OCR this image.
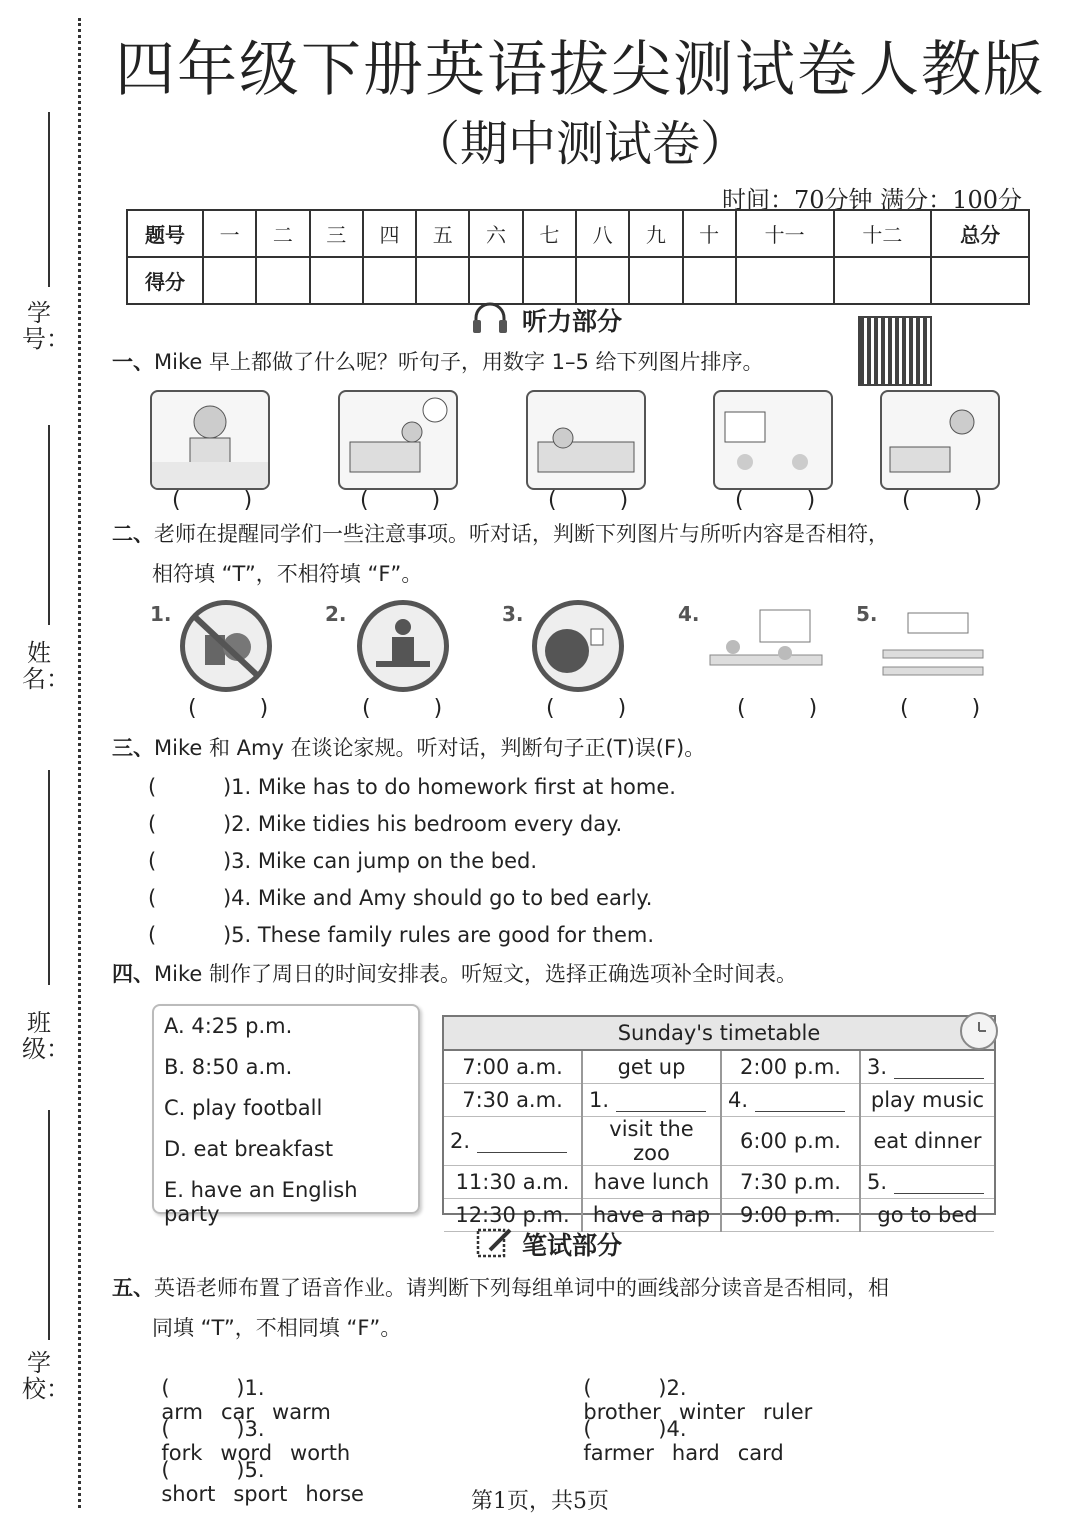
学号：
姓名：
班级：
学校：
四年级下册英语拔尖测试卷人教版
（期中测试卷）
时间：70分钟 满分：100分
题号	一	二	三	四	五	六	七	八	九	十	十一	十二	总分
得分													
听力部分
一、Mike 早上都做了什么呢？听句子，用数字 1–5 给下列图片排序。
( )	( )	( )	( )	( )
二、老师在提醒同学们一些注意事项。听对话，判断下列图片与所听内容是否相符，
相符填 “T”，不相符填 “F”。
1.	2.	3.	4.	5.
( )	( )	( )	( ) ( )
三、Mike 和 Amy 在谈论家规。听对话，判断句子正(T)误(F)。
(          )1. Mike has to do homework first at home.
(          )2. Mike tidies his bedroom every day.
(          )3. Mike can jump on the bed.
(          )4. Mike and Amy should go to bed early.
(          )5. These family rules are good for them.
四、Mike 制作了周日的时间安排表。听短文，选择正确选项补全时间表。
A. 4:25 p.m.
B. 8:50 a.m.
C. play football
D. eat breakfast
E. have an English party
Sunday's timetable
7:00 a.m.	get up	2:00 p.m.	3.
7:30 a.m.	1.	4.	play music
2.	visit the zoo	6:00 p.m.	eat dinner
11:30 a.m.	have lunch	7:30 p.m.	5.
12:30 p.m.	have a nap	9:00 p.m.	go to bed
笔试部分
五、英语老师布置了语音作业。请判断下列每组单词中的画线部分读音是否相同，相
同填 “T”，不相同填 “F”。

(          )1.
arm car warm

(          )2.
brother winter ruler

(          )3.
fork word worth

(          )4.
farmer hard card

(          )5.
short sport horse	第1页，共5页
